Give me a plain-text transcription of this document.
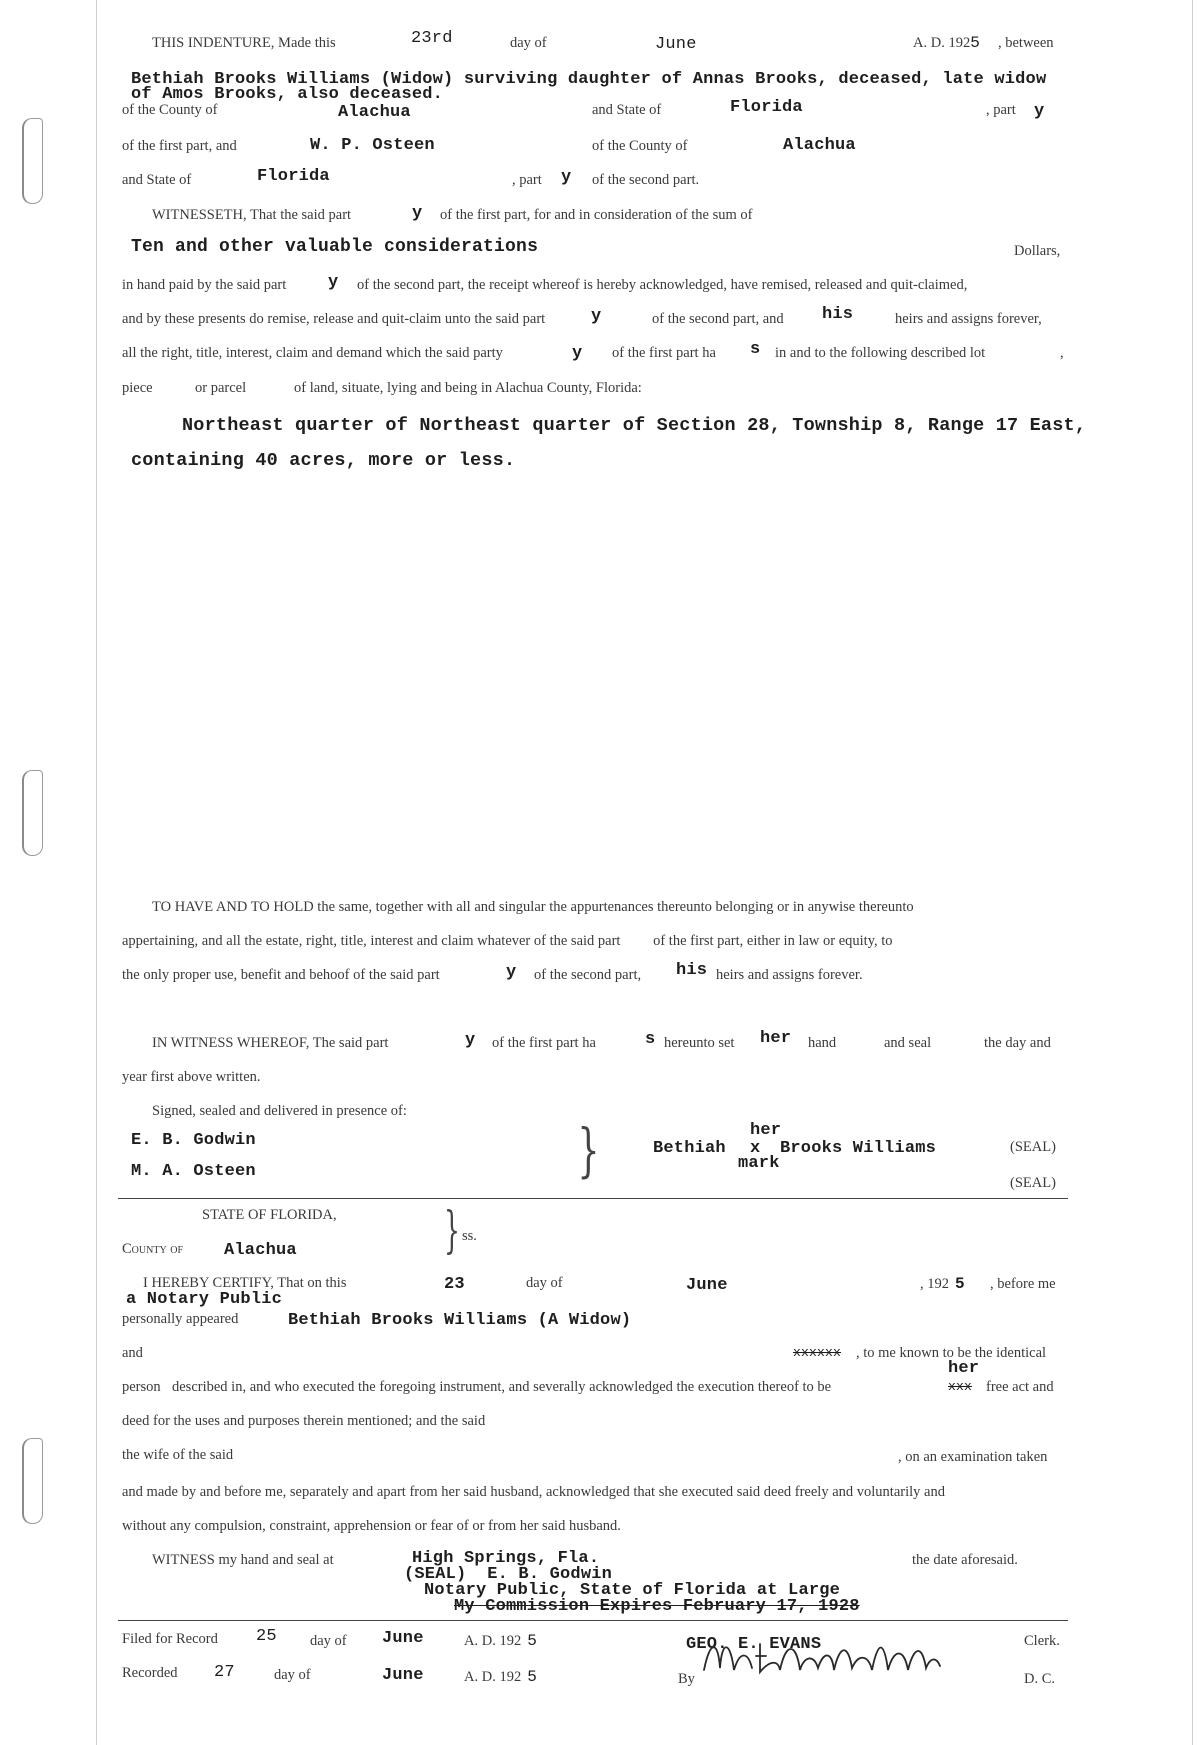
THIS INDENTURE, Made this	23rd	day of	June	A. D. 1925 , between
Bethiah Brooks Williams (Widow) surviving daughter of Annas Brooks, deceased, late widow
of Amos Brooks, also deceased.
of the County of	Alachua	and State of	Florida	, part y
of the first part, and	W. P. Osteen	of the County of	Alachua
and State of	Florida	, part y of the second part.
WITNESSETH, That the said part	y of the first part, for and in consideration of the sum of
Ten and other valuable considerations	Dollars,
in hand paid by the said part y of the second part, the receipt whereof is hereby acknowledged, have remised, released and quit-claimed,
and by these presents do remise, release and quit-claim unto the said part	y	of the second part, and his	heirs and assigns forever,
all the right, title, interest, claim and demand which the said party	y of the first part ha s in and to the following described lot	,
piece	or parcel	of land, situate, lying and being in Alachua County, Florida:
Northeast quarter of Northeast quarter of Section 28, Township 8, Range 17 East,
containing 40 acres, more or less.
TO HAVE AND TO HOLD the same, together with all and singular the appurtenances thereunto belonging or in anywise thereunto
appertaining, and all the estate, right, title, interest and claim whatever of the said part         of the first part, either in law or equity, to
the only proper use, benefit and behoof of the said part	y of the second part, his heirs and assigns forever.
IN WITNESS WHEREOF, The said part	y of the first part ha	s hereunto set her hand	and seal	the day and
year first above written.
Signed, sealed and delivered in presence of:
E. B. Godwin
M. A. Osteen	}	her
Bethiah x Brooks Williams
mark
(SEAL)
(SEAL)
STATE OF FLORIDA, } ss.
County of Alachua
I HEREBY CERTIFY, That on this	23	day of	June	, 192 5 , before me
a Notary Public
personally appeared	Bethiah Brooks Williams (A Widow)
and	xxxxxx , to me known to be the identical
her
person described in, and who executed the foregoing instrument, and severally acknowledged the execution thereof to be	xxx free act and
deed for the uses and purposes therein mentioned; and the said
the wife of the said	, on an examination taken
and made by and before me, separately and apart from her said husband, acknowledged that she executed said deed freely and voluntarily and
without any compulsion, constraint, apprehension or fear of or from her said husband.
WITNESS my hand and seal at	High Springs, Fla.	the date aforesaid.
(SEAL)  E. B. Godwin
Notary Public, State of Florida at Large
My Commission Expires February 17, 1928
Filed for Record 25 day of June	A. D. 192 5	GEO. E. EVANS	Clerk.
Recorded 27	day of	June	A. D. 192 5	By	D. C.
